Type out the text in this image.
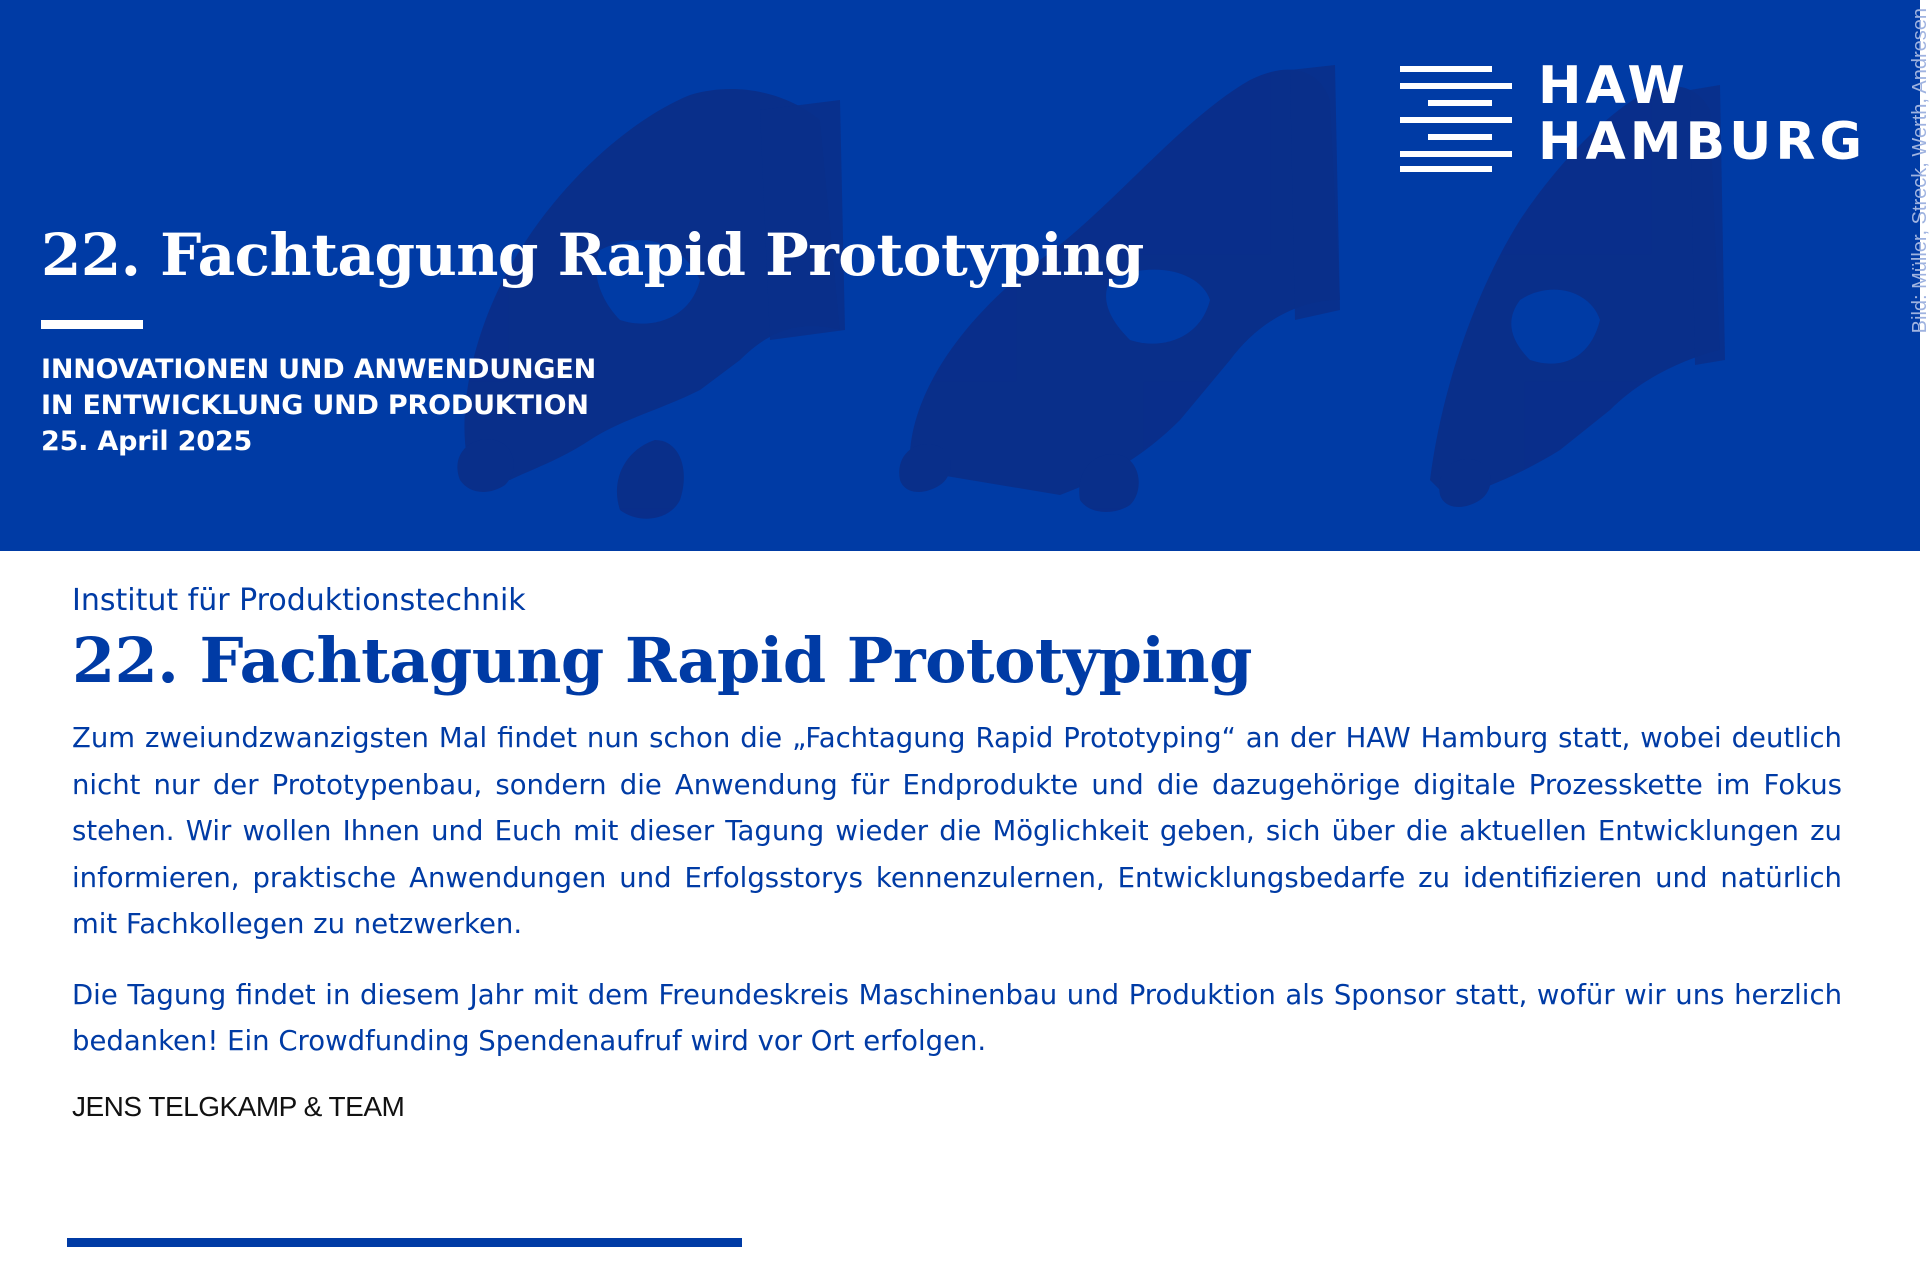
22. Fachtagung Rapid Prototyping
INNOVATIONEN UND ANWENDUNGEN
IN ENTWICKLUNG UND PRODUKTION
25. April 2025
HAW
HAMBURG Bild: Müller, Streck, Werth, Andresen

Institut für Produktionstechnik

22. Fachtagung Rapid Prototyping

Zum zweiundzwanzigsten Mal findet nun schon die „Fachtagung Rapid Prototyping“ an der HAW Hamburg statt, wobei deutlich nicht nur der Prototypenbau, sondern die Anwendung für Endprodukte und die dazugehörige digitale Prozesskette im Fokus stehen. Wir wollen Ihnen und Euch mit dieser Tagung wieder die Möglichkeit geben, sich über die aktuellen Entwicklungen zu informieren, praktische Anwendungen und Erfolgsstorys kennenzulernen, Entwicklungsbedarfe zu identifizieren und natürlich mit Fachkollegen zu netzwerken.

Die Tagung findet in diesem Jahr mit dem Freundeskreis Maschinenbau und Produktion als Sponsor statt, wofür wir uns herzlich bedanken! Ein Crowdfunding Spendenaufruf wird vor Ort erfolgen.

JENS TELGKAMP & TEAM
